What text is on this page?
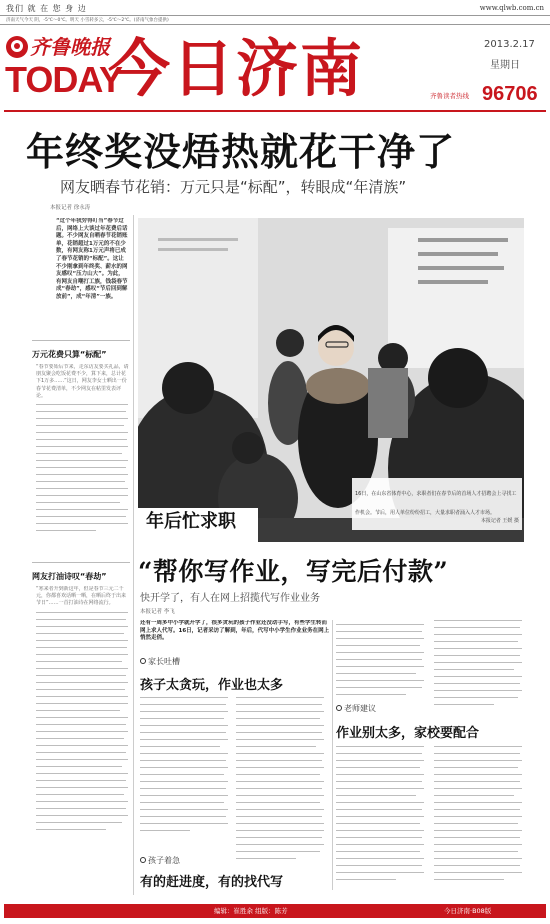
我们 就 在 您 身 边	www.qlwb.com.cn
济南天气今天 阴，-5℃～0℃。明天 小雪转多云，-5℃～2℃。(济南气象台提供)
齐鲁晚报
TODAY
今日济南	2013.2.17
星期日
齐鲁读者热线 96706
年终奖没焐热就花干净了
网友晒春节花销：万元只是“标配”，转眼成“年清族”
本报记者 徐永涛
“过个年我穷得叮当”春节过后，网络上大谈过年花费后话题。不少网友自晒春节花销账单，花销超过1万元的不在少数，有网友称1万元声将已成了春节花销的“标配”。这让不少刚拿到年终奖、薪水的网友感叹“压力山大”。为此，有网友自嘲打工族，钱袋春节成“春劫”，感叹“节后回到解放前”，成“年清”一族。
万元花费只算“标配”
“春节要始后节来，走东访友要买礼品，请朋友聚会吃饭花费不少，算下来，总计花下1万多……”这日，网友李女士晒出一份春节花费清单，不少网友在帖里发表评论。
网友打油诗叹“春劫”
“寒来者升到新这年，但是春节三元二千元，你都喜欢话晒一晒，在晒后终于出来节日”……一首打油诗在网络流行。
年后忙求职
16日，在山东省体育中心，求职者们在春节后的首场人才招聘会上寻找工作机会。节后，用人单位纷纷招工，大量求职者涌入人才市场。
本报记者 王媛 摄
“帮你写作业，写完后付款”
快开学了，有人在网上招揽代写作业业务
本报记者 李飞
还有一周多中小学就开学了，很多贪玩的孩子作业还没动手写，有些学生转而网上求人代写。16日，记者采访了解到，年后，代写中小学生作业业务在网上悄然走俏。
家长吐槽
孩子太贪玩，作业也太多
孩子着急
有的赶进度，有的找代写
老师建议
作业别太多，家校要配合
编辑：崔胜余 组版：陈芳	今日济南·B08版
